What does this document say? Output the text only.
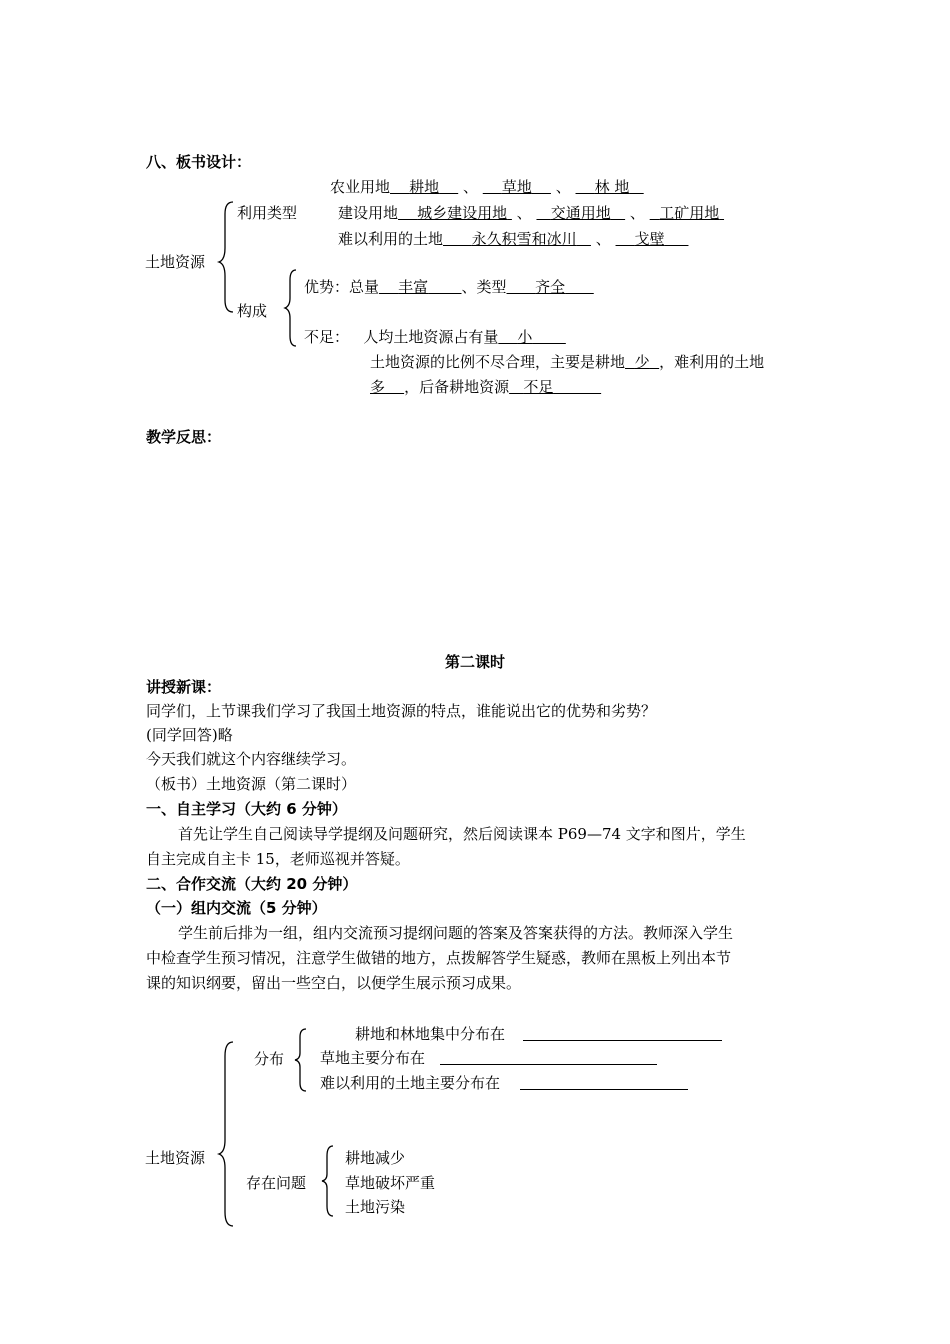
八、板书设计：
土地资源
利用类型
农业用地 耕地 、 草地 、 林 地
建设用地 城乡建设用地 、 交通用地 、 工矿用地
难以利用的土地 永久积雪和冰川 、 戈壁
构成
优势：总量 丰富 、类型 齐全
不足： 人均土地资源占有量 小
土地资源的比例不尽合理，主要是耕地 少 ，难利用的土地
多 ，后备耕地资源 不足
教学反思：
第二课时
讲授新课：
同学们，上节课我们学习了我国土地资源的特点，谁能说出它的优势和劣势？
(同学回答)略
今天我们就这个内容继续学习。
（板书）土地资源（第二课时）
一、自主学习（大约 6 分钟）
首先让学生自己阅读导学提纲及问题研究，然后阅读课本 P69—74 文字和图片，学生
自主完成自主卡 15，老师巡视并答疑。
二、合作交流（大约 20 分钟）
（一）组内交流（5 分钟）
学生前后排为一组，组内交流预习提纲问题的答案及答案获得的方法。教师深入学生
中检查学生预习情况，注意学生做错的地方，点拨解答学生疑惑，教师在黑板上列出本节
课的知识纲要，留出一些空白，以便学生展示预习成果。
土地资源
分布
耕地和林地集中分布在
草地主要分布在
难以利用的土地主要分布在
存在问题
耕地减少
草地破坏严重
土地污染
